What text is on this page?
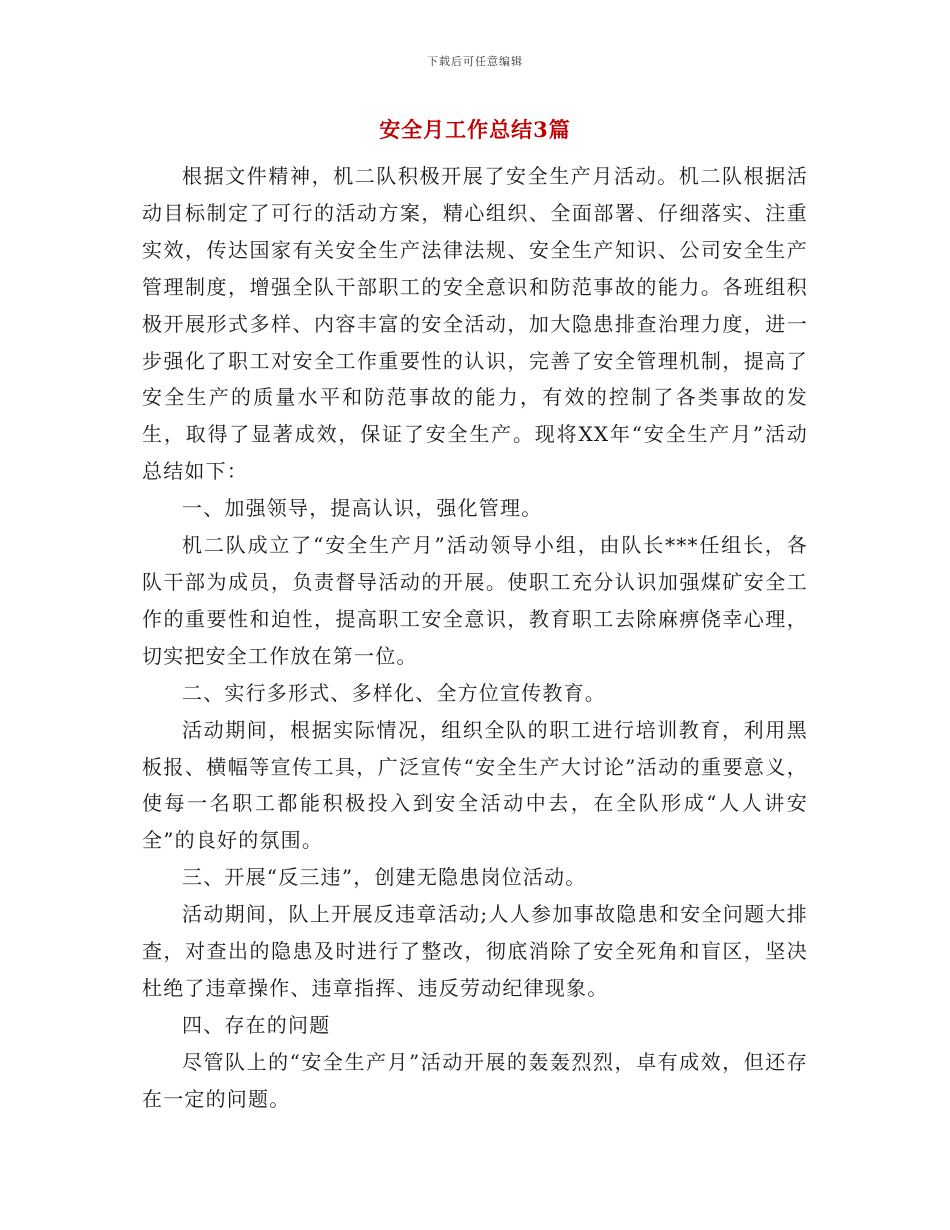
下载后可任意编辑
安全月工作总结3篇

根据文件精神，机二队积极开展了安全生产月活动。机二队根据活动目标制定了可行的活动方案，精心组织、全面部署、仔细落实、注重实效，传达国家有关安全生产法律法规、安全生产知识、公司安全生产管理制度，增强全队干部职工的安全意识和防范事故的能力。各班组积极开展形式多样、内容丰富的安全活动，加大隐患排查治理力度，进一步强化了职工对安全工作重要性的认识，完善了安全管理机制，提高了安全生产的质量水平和防范事故的能力，有效的控制了各类事故的发生，取得了显著成效，保证了安全生产。现将XX年“安全生产月”活动总结如下：

一、加强领导，提高认识，强化管理。

机二队成立了“安全生产月”活动领导小组，由队长***任组长，各队干部为成员，负责督导活动的开展。使职工充分认识加强煤矿安全工作的重要性和迫性，提高职工安全意识，教育职工去除麻痹侥幸心理，切实把安全工作放在第一位。

二、实行多形式、多样化、全方位宣传教育。

活动期间，根据实际情况，组织全队的职工进行培训教育，利用黑板报、横幅等宣传工具，广泛宣传“安全生产大讨论”活动的重要意义，使每一名职工都能积极投入到安全活动中去，在全队形成“人人讲安全”的良好的氛围。

三、开展“反三违”，创建无隐患岗位活动。

活动期间，队上开展反违章活动;人人参加事故隐患和安全问题大排查，对查出的隐患及时进行了整改，彻底消除了安全死角和盲区，坚决杜绝了违章操作、违章指挥、违反劳动纪律现象。

四、存在的问题

尽管队上的“安全生产月”活动开展的轰轰烈烈，卓有成效，但还存在一定的问题。
